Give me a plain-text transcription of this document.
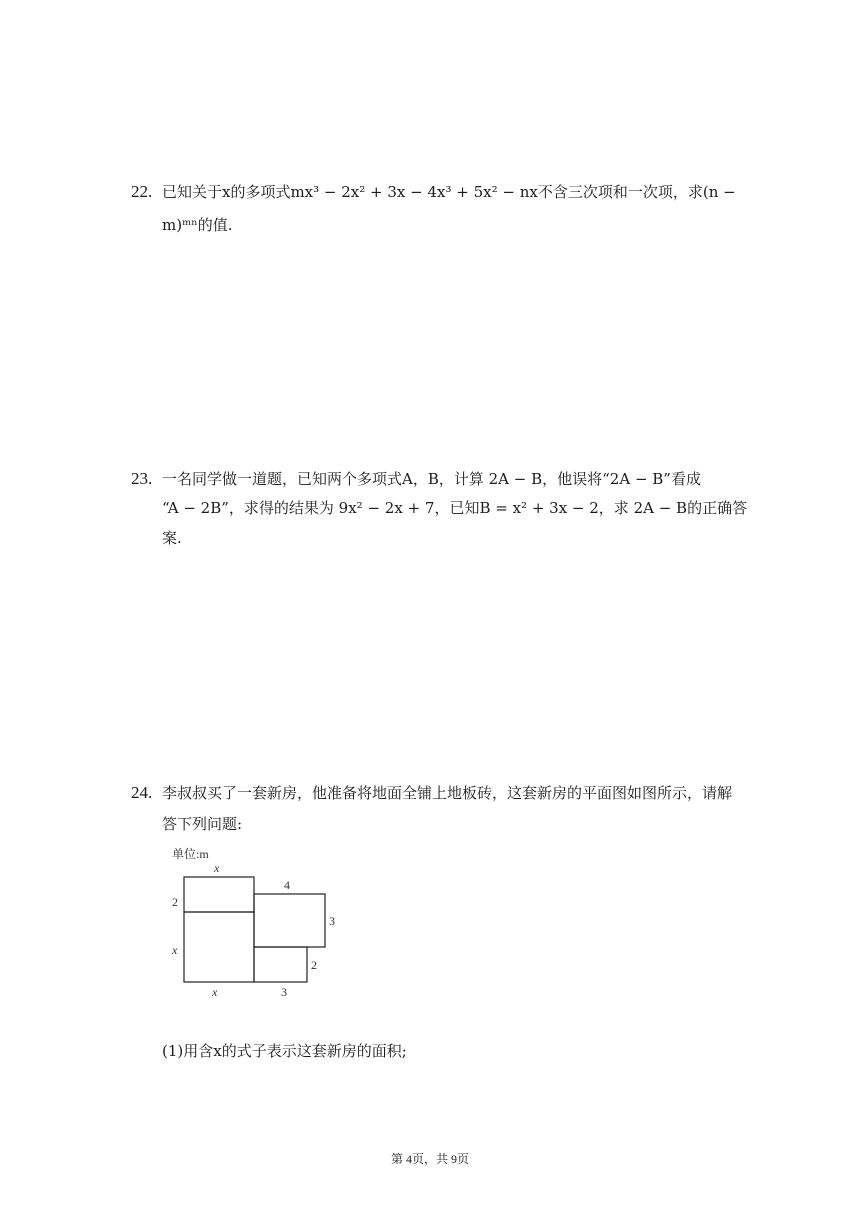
22. 已知关于x的多项式mx³ − 2x² + 3x − 4x³ + 5x² − nx不含三次项和一次项，求(n −
m)ᵐⁿ的值.
23. 一名同学做一道题，已知两个多项式A，B，计算 2A − B，他误将“2A − B”看成
“A − 2B”，求得的结果为 9x² − 2x + 7，已知B = x² + 3x − 2，求 2A − B的正确答
案.
24. 李叔叔买了一套新房，他准备将地面全铺上地板砖，这套新房的平面图如图所示，请解
答下列问题:
单位:m
x
2
x
x	3
4
3
2
(1)用含x的式子表示这套新房的面积;
第 4页，共 9页
